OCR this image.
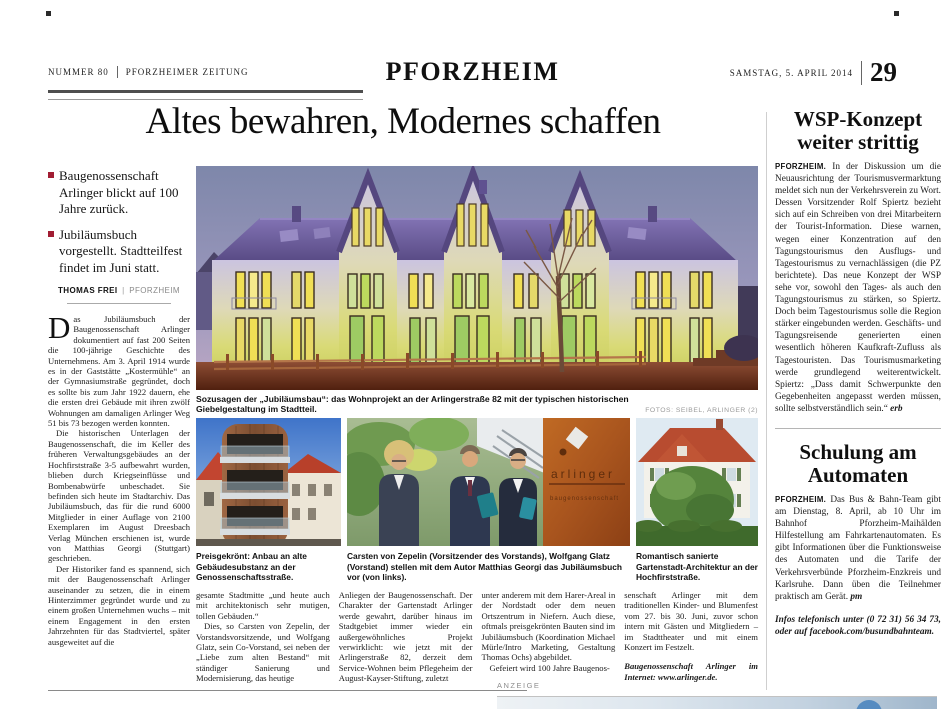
NUMMER 80 PFORZHEIMER ZEITUNG	PFORZHEIM	SAMSTAG, 5. APRIL 2014 29
Altes bewahren, Modernes schaffen

Baugenossenschaft Arlinger blickt auf 100 Jahre zurück.

Jubiläumsbuch vorgestellt. Stadtteilfest findet im Juni statt.

THOMAS FREI | PFORZHEIM

Das Jubiläumsbuch der Baugenossenschaft Arlinger dokumentiert auf fast 200 Seiten die 100-jährige Geschichte des Unternehmens. Am 3. April 1914 wurde es in der Gaststätte „Kostermühle“ an der Gymnasiumstraße gegründet, doch es sollte bis zum Jahr 1922 dauern, ehe die ersten drei Gebäude mit ihren zwölf Wohnungen am damaligen Arlinger Weg 51 bis 73 bezogen werden konnten.

Die historischen Unterlagen der Baugenossenschaft, die im Keller des früheren Verwaltungsgebäudes an der Hochfirststraße 3-5 aufbewahrt wurden, blieben durch Kriegseinflüsse und Bombenabwürfe unbeschadet. Sie befinden sich heute im Stadtarchiv. Das Jubiläumsbuch, das für die rund 6000 Mitglieder in einer Auflage von 2100 Exemplaren im August Dreesbach Verlag München erschienen ist, wurde von Matthias Georgi (Stuttgart) geschrieben.

Der Historiker fand es spannend, sich mit der Baugenossenschaft Arlinger auseinander zu setzen, die in einem Hinterzimmer gegründet wurde und zu einem großen Unternehmen wuchs – mit einem Engagement in den ersten Jahrzehnten für das Stadtviertel, später ausgeweitet auf die

Sozusagen der „Jubiläumsbau“: das Wohnprojekt an der Arlingerstraße 82 mit der typischen historischen Giebelgestaltung im Stadtteil.	FOTOS: SEIBEL, ARLINGER (2)
arlinger
baugenossenschaft
Preisgekrönt: Anbau an alte Gebäudesubstanz an der Genossenschaftsstraße.
Carsten von Zepelin (Vorsitzender des Vorstands), Wolfgang Glatz (Vorstand) stellen mit dem Autor Matthias Georgi das Jubiläumsbuch vor (von links).
Romantisch sanierte Gartenstadt-Architektur an der Hochfirststraße.

gesamte Stadtmitte „und heute auch mit architektonisch sehr mutigen, tollen Gebäuden.“

Dies, so Carsten von Zepelin, der Vorstandsvorsitzende, und Wolfgang Glatz, sein Co-Vorstand, sei neben der „Liebe zum alten Bestand“ mit ständiger Sanierung und Modernisierung, das heutige

Anliegen der Baugenossenschaft. Der Charakter der Gartenstadt Arlinger werde gewahrt, darüber hinaus im Stadtgebiet immer wieder ein außergewöhnliches Projekt verwirklicht: wie jetzt mit der Arlingerstraße 82, derzeit dem Service-Wohnen beim Pflegeheim der August-Kayser-Stiftung, zuletzt

unter anderem mit dem Harer-Areal in der Nordstadt oder dem neuen Ortszentrum in Niefern. Auch diese, oftmals preisgekrönten Bauten sind im Jubiläumsbuch (Koordination Michael Mürle/Intro Marketing, Gestaltung Thomas Ochs) abgebildet.

Gefeiert wird 100 Jahre Baugenos-

senschaft Arlinger mit dem traditionellen Kinder- und Blumenfest vom 27. bis 30. Juni, zuvor schon intern mit Gästen und Mitgliedern – im Stadttheater und mit einem Konzert im Festzelt.

Baugenossenschaft Arlinger im Internet: www.arlinger.de.

ANZEIGE
WSP-Konzept
weiter strittig

PFORZHEIM. In der Diskussion um die Neuausrichtung der Tourismusvermarktung meldet sich nun der Verkehrsverein zu Wort. Dessen Vorsitzender Rolf Spiertz bezieht sich auf ein Schreiben von drei Mitarbeitern der Tourist-Information. Diese warnen, wegen einer Konzentration auf den Tagungstourismus den Ausflugs- und Tagestourismus zu vernachlässigen (die PZ berichtete). Das neue Konzept der WSP sehe vor, sowohl den Tages- als auch den Tagungstourismus zu stärken, so Spiertz. Doch beim Tagestourismus solle die Region stärker eingebunden werden. Geschäfts- und Tagungsreisende generierten einen wesentlich höheren Kaufkraft-Zufluss als Tagestouristen. Das Tourismusmarketing werde grundlegend weiterentwickelt. Spiertz: „Dass damit Schwerpunkte den Gegebenheiten angepasst werden müssen, sollte selbstverständlich sein.“ erb

Schulung am
Automaten

PFORZHEIM. Das Bus & Bahn-Team gibt am Dienstag, 8. April, ab 10 Uhr im Bahnhof Pforzheim-Maihälden Hilfestellung am Fahrkartenautomaten. Es gibt Informationen über die Funktionsweise des Automaten und die Tarife der Verkehrsverbünde Pforzheim-Enzkreis und Karlsruhe. Dann üben die Teilnehmer praktisch am Gerät. pm

Infos telefonisch unter (0 72 31) 56 34 73, oder auf facebook.com/busundbahnteam.
